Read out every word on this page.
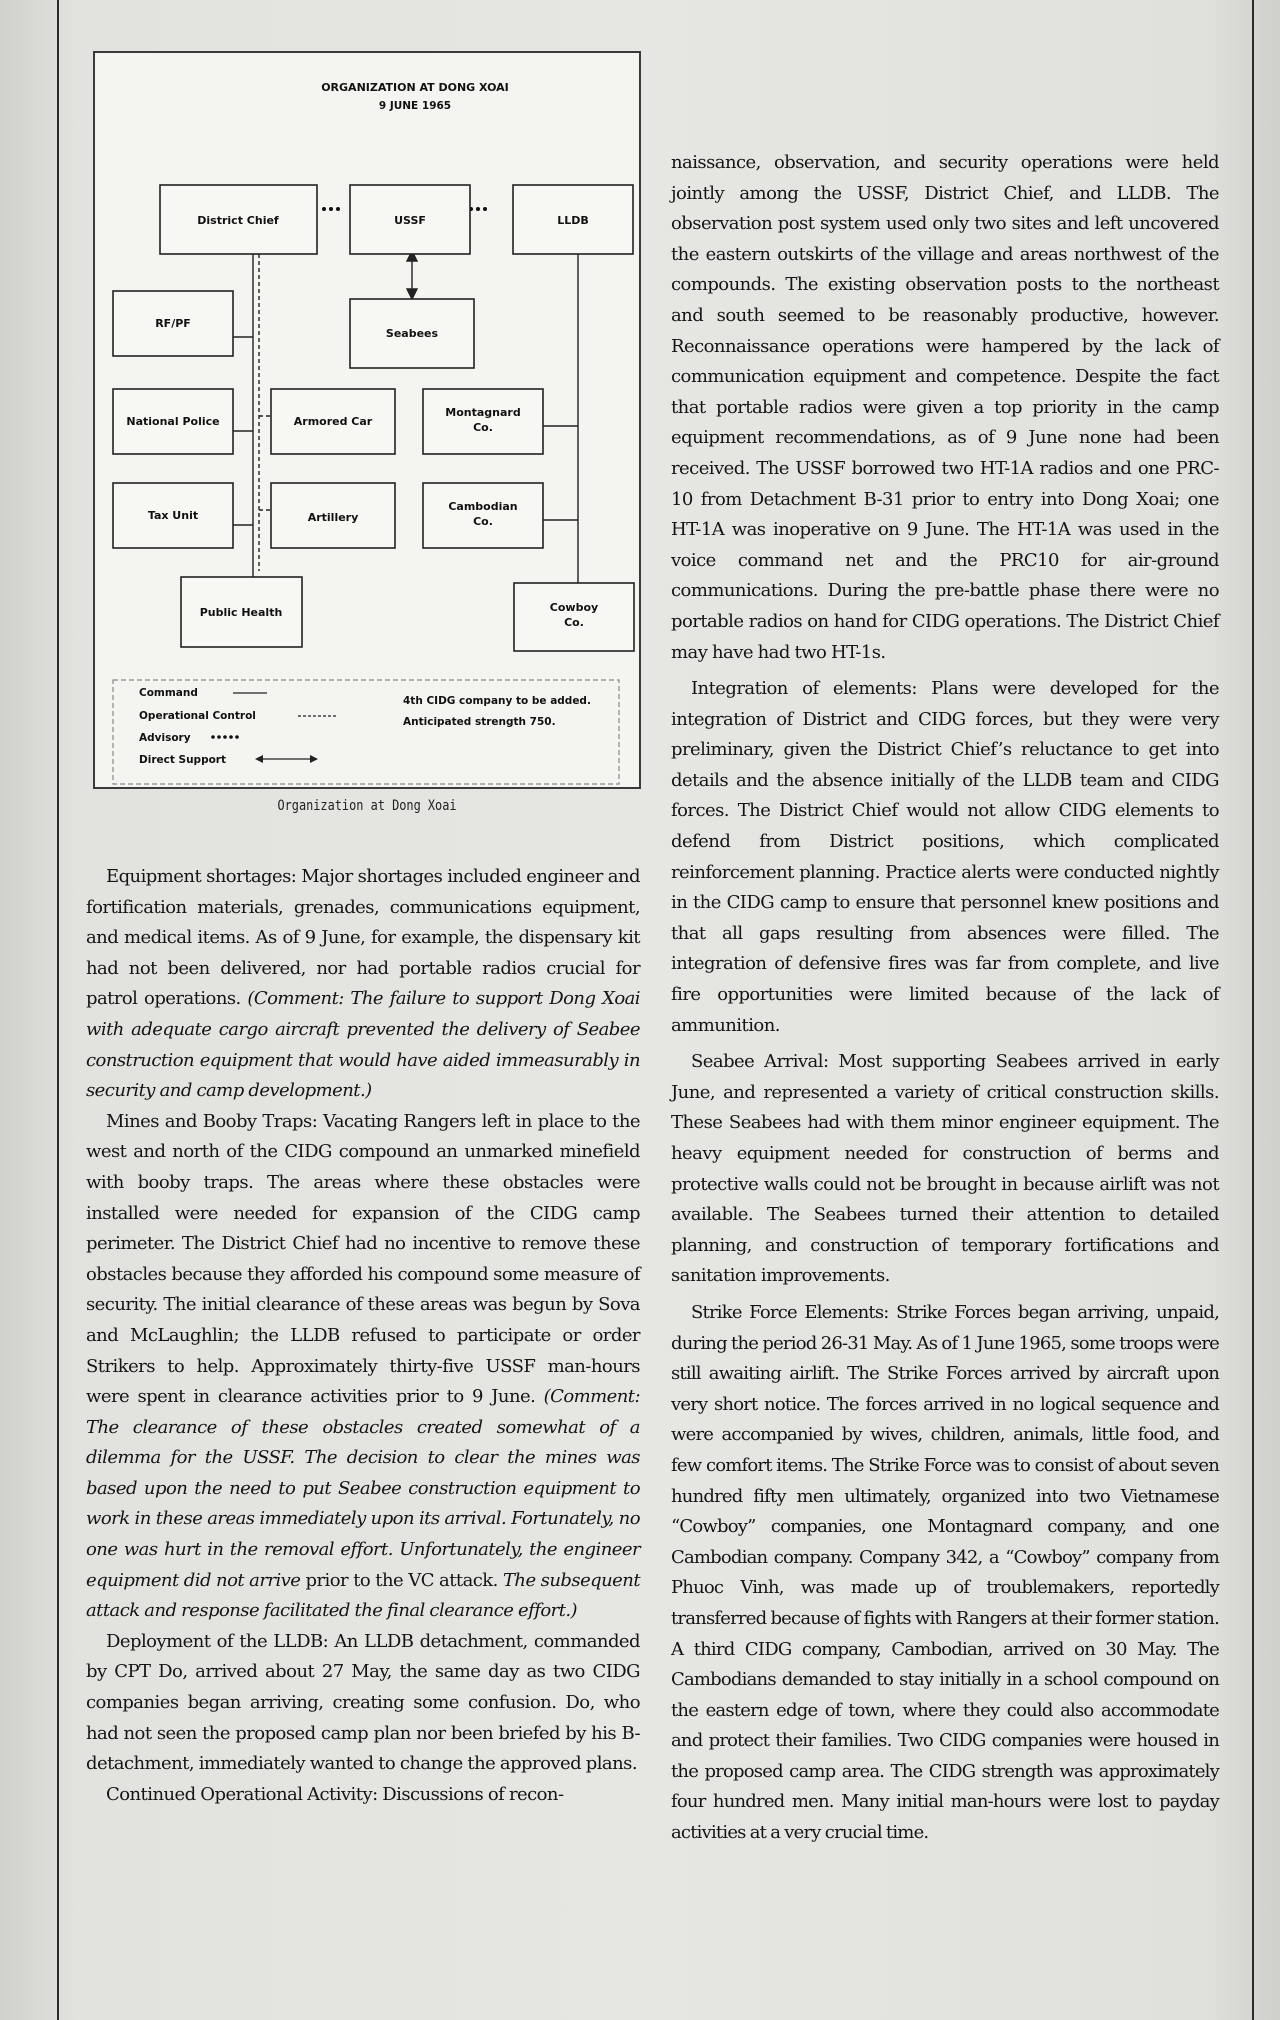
ORGANIZATION AT DONG XOAI
9 JUNE 1965
District Chief	USSF	LLDB
Seabees
RF/PF
National Police	Armored Car
Montagnard
Co.
Tax Unit	Artillery
Cambodian
Co.
Public Health	Cowboy
Co.
Command
Operational Control
Advisory
Direct Support
4th CIDG company to be added.
Anticipated strength 750.
Organization at Dong Xoai

Equipment shortages: Major shortages included engineer and fortification materials, grenades, communications equipment, and medical items. As of 9 June, for example, the dispensary kit had not been delivered, nor had portable radios crucial for patrol operations. (Comment: The failure to support Dong Xoai with adequate cargo aircraft prevented the delivery of Seabee construction equipment that would have aided immeasurably in security and camp development.)

Mines and Booby Traps: Vacating Rangers left in place to the west and north of the CIDG compound an unmarked minefield with booby traps. The areas where these obstacles were installed were needed for expansion of the CIDG camp perimeter. The District Chief had no incentive to remove these obstacles because they afforded his compound some measure of security. The initial clearance of these areas was begun by Sova and McLaughlin; the LLDB refused to participate or order Strikers to help. Approximately thirty-five USSF man-hours were spent in clearance activities prior to 9 June. (Comment: The clearance of these obstacles created somewhat of a dilemma for the USSF. The decision to clear the mines was based upon the need to put Seabee construction equipment to work in these areas immediately upon its arrival. Fortunately, no one was hurt in the removal effort. Unfortunately, the engineer equipment did not arrive prior to the VC attack. The subsequent attack and response facilitated the final clearance effort.)

Deployment of the LLDB: An LLDB detachment, commanded by CPT Do, arrived about 27 May, the same day as two CIDG companies began arriving, creating some confusion. Do, who had not seen the proposed camp plan nor been briefed by his B-detachment, immediately wanted to change the approved plans.

Continued Operational Activity: Discussions of recon-

naissance, observation, and security operations were held jointly among the USSF, District Chief, and LLDB. The observation post system used only two sites and left uncovered the eastern outskirts of the village and areas northwest of the compounds. The existing observation posts to the northeast and south seemed to be reasonably productive, however. Reconnaissance operations were hampered by the lack of communication equipment and competence. Despite the fact that portable radios were given a top priority in the camp equipment recommendations, as of 9 June none had been received. The USSF borrowed two HT-1A radios and one PRC-10 from Detachment B-31 prior to entry into Dong Xoai; one HT-1A was inoperative on 9 June. The HT-1A was used in the voice command net and the PRC10 for air-ground communications. During the pre-battle phase there were no portable radios on hand for CIDG operations. The District Chief may have had two HT-1s.

Integration of elements: Plans were developed for the integration of District and CIDG forces, but they were very preliminary, given the District Chief’s reluctance to get into details and the absence initially of the LLDB team and CIDG forces. The District Chief would not allow CIDG elements to defend from District positions, which complicated reinforcement planning. Practice alerts were conducted nightly in the CIDG camp to ensure that personnel knew positions and that all gaps resulting from absences were filled. The integration of defensive fires was far from complete, and live fire opportunities were limited because of the lack of ammunition.

Seabee Arrival: Most supporting Seabees arrived in early June, and represented a variety of critical construction skills. These Seabees had with them minor engineer equipment. The heavy equipment needed for construction of berms and protective walls could not be brought in because airlift was not available. The Seabees turned their attention to detailed planning, and construction of temporary fortifications and sanitation improvements.

Strike Force Elements: Strike Forces began arriving, unpaid, during the period 26-31 May. As of 1 June 1965, some troops were still awaiting airlift. The Strike Forces arrived by aircraft upon very short notice. The forces arrived in no logical sequence and were accompanied by wives, children, animals, little food, and few comfort items. The Strike Force was to consist of about seven hundred fifty men ultimately, organized into two Vietnamese “Cowboy” companies, one Montagnard company, and one Cambodian company. Company 342, a “Cowboy” company from Phuoc Vinh, was made up of troublemakers, reportedly transferred because of fights with Rangers at their former station. A third CIDG company, Cambodian, arrived on 30 May. The Cambodians demanded to stay initially in a school compound on the eastern edge of town, where they could also accommodate and protect their families. Two CIDG companies were housed in the proposed camp area. The CIDG strength was approximately four hundred men. Many initial man-hours were lost to payday activities at a very crucial time.
